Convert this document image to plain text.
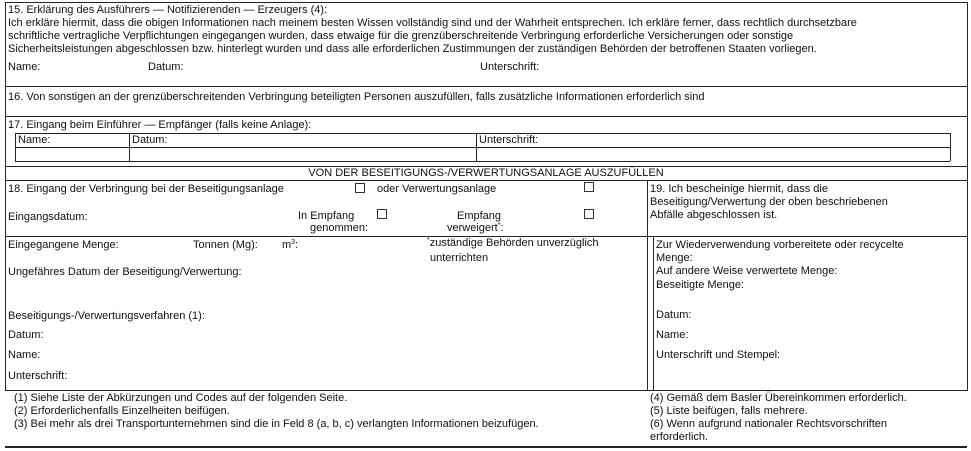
15. Erklärung des Ausführers — Notifizierenden — Erzeugers (4):
Ich erkläre hiermit, dass die obigen Informationen nach meinem besten Wissen vollständig sind und der Wahrheit entsprechen. Ich erkläre ferner, dass rechtlich durchsetzbare
schriftliche vertragliche Verpflichtungen eingegangen wurden, dass etwaige für die grenzüberschreitende Verbringung erforderliche Versicherungen oder sonstige
Sicherheitsleistungen abgeschlossen bzw. hinterlegt wurden und dass alle erforderlichen Zustimmungen der zuständigen Behörden der betroffenen Staaten vorliegen.
Name:	Datum:	Unterschrift:
16. Von sonstigen an der grenzüberschreitenden Verbringung beteiligten Personen auszufüllen, falls zusätzliche Informationen erforderlich sind
17. Eingang beim Einführer — Empfänger (falls keine Anlage):
Name:	Datum:	Unterschrift:
VON DER BESEITIGUNGS-/VERWERTUNGSANLAGE AUSZUFÜLLEN
18. Eingang der Verbringung bei der Beseitigungsanlage	oder Verwertungsanlage
Eingangsdatum:	In Empfang
genommen:
Empfang
verweigert*:
Eingegangene Menge:	Tonnen (Mg): $m^3$:	*zuständige Behörden unverzüglich
unterrichten
Ungefähres Datum der Beseitigung/Verwertung:
Beseitigungs-/Verwertungsverfahren (1):
Datum:
Name:
Unterschrift:
19. Ich bescheinige hiermit, dass die
Beseitigung/Verwertung der oben beschriebenen
Abfälle abgeschlossen ist.
Zur Wiederverwendung vorbereitete oder recycelte
Menge:
Auf andere Weise verwertete Menge:
Beseitigte Menge:
Datum:
Name:
Unterschrift und Stempel:
(1) Siehe Liste der Abkürzungen und Codes auf der folgenden Seite.
(2) Erforderlichenfalls Einzelheiten beifügen.
(3) Bei mehr als drei Transportunternehmen sind die in Feld 8 (a, b, c) verlangten Informationen beizufügen.
(4) Gemäß dem Basler Übereinkommen erforderlich.
(5) Liste beifügen, falls mehrere.
(6) Wenn aufgrund nationaler Rechtsvorschriften
erforderlich.
